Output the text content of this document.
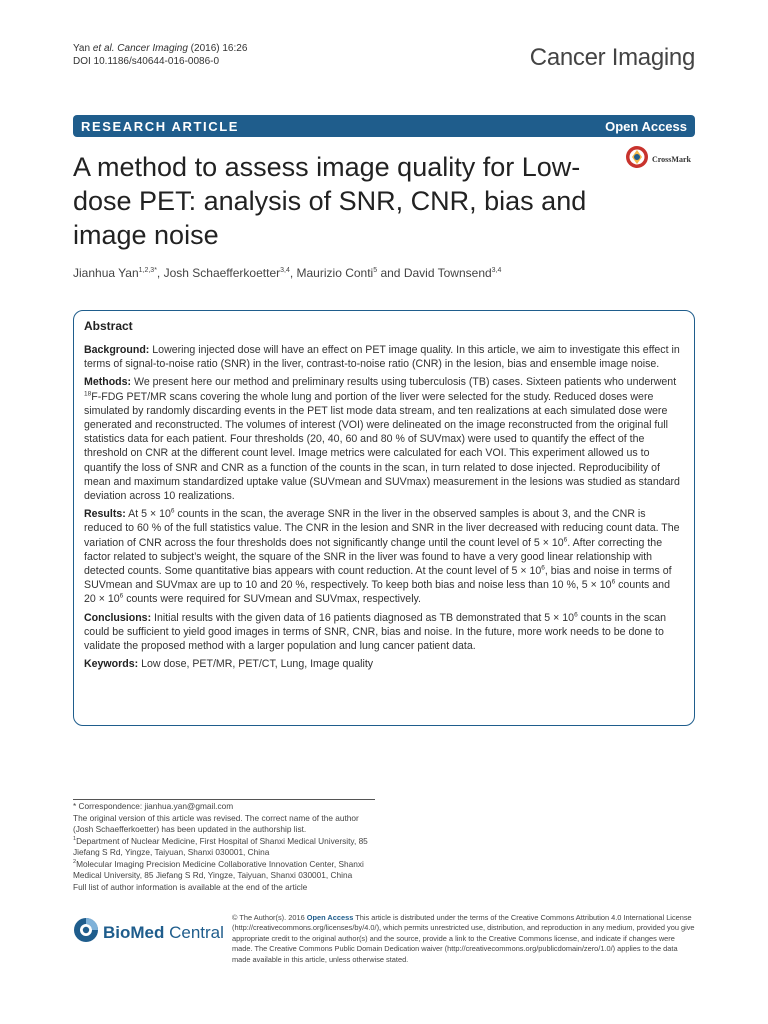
Yan et al. Cancer Imaging (2016) 16:26
DOI 10.1186/s40644-016-0086-0	Cancer Imaging
RESEARCH ARTICLE	Open Access
A method to assess image quality for Low-dose PET: analysis of SNR, CNR, bias and image noise
CrossMark
Jianhua Yan$^{1,2,3*}$, Josh Schaefferkoetter$^{3,4}$, Maurizio Conti$^5$ and David Townsend$^{3,4}$
Abstract

Background: Lowering injected dose will have an effect on PET image quality. In this article, we aim to investigate this effect in terms of signal-to-noise ratio (SNR) in the liver, contrast-to-noise ratio (CNR) in the lesion, bias and ensemble image noise.

Methods: We present here our method and preliminary results using tuberculosis (TB) cases. Sixteen patients who underwent $^{18}$F-FDG PET/MR scans covering the whole lung and portion of the liver were selected for the study. Reduced doses were simulated by randomly discarding events in the PET list mode data stream, and ten realizations at each simulated dose were generated and reconstructed. The volumes of interest (VOI) were delineated on the image reconstructed from the original full statistics data for each patient. Four thresholds (20, 40, 60 and 80 % of SUVmax) were used to quantify the effect of the threshold on CNR at the different count level. Image metrics were calculated for each VOI. This experiment allowed us to quantify the loss of SNR and CNR as a function of the counts in the scan, in turn related to dose injected. Reproducibility of mean and maximum standardized uptake value (SUVmean and SUVmax) measurement in the lesions was studied as standard deviation across 10 realizations.

Results: At $5 \times 10^6$ counts in the scan, the average SNR in the liver in the observed samples is about 3, and the CNR is reduced to 60 % of the full statistics value. The CNR in the lesion and SNR in the liver decreased with reducing count data. The variation of CNR across the four thresholds does not significantly change until the count level of $5 \times 10^6$. After correcting the factor related to subject’s weight, the square of the SNR in the liver was found to have a very good linear relationship with detected counts. Some quantitative bias appears with count reduction. At the count level of $5 \times 10^6$, bias and noise in terms of SUVmean and SUVmax are up to 10 and 20 %, respectively. To keep both bias and noise less than 10 %, $5 \times 10^6$ counts and $20 \times 10^6$ counts were required for SUVmean and SUVmax, respectively.

Conclusions: Initial results with the given data of 16 patients diagnosed as TB demonstrated that $5 \times 10^6$ counts in the scan could be sufficient to yield good images in terms of SNR, CNR, bias and noise. In the future, more work needs to be done to validate the proposed method with a larger population and lung cancer patient data.

Keywords: Low dose, PET/MR, PET/CT, Lung, Image quality

* Correspondence: jianhua.yan@gmail.com
The original version of this article was revised. The correct name of the author (Josh Schaefferkoetter) has been updated in the authorship list.
$^1$Department of Nuclear Medicine, First Hospital of Shanxi Medical University, 85 Jiefang S Rd, Yingze, Taiyuan, Shanxi 030001, China
$^2$Molecular Imaging Precision Medicine Collaborative Innovation Center, Shanxi Medical University, 85 Jiefang S Rd, Yingze, Taiyuan, Shanxi 030001, China
Full list of author information is available at the end of the article
BioMed Central
© The Author(s). 2016 Open Access This article is distributed under the terms of the Creative Commons Attribution 4.0 International License (http://creativecommons.org/licenses/by/4.0/), which permits unrestricted use, distribution, and reproduction in any medium, provided you give appropriate credit to the original author(s) and the source, provide a link to the Creative Commons license, and indicate if changes were made. The Creative Commons Public Domain Dedication waiver (http://creativecommons.org/publicdomain/zero/1.0/) applies to the data made available in this article, unless otherwise stated.
